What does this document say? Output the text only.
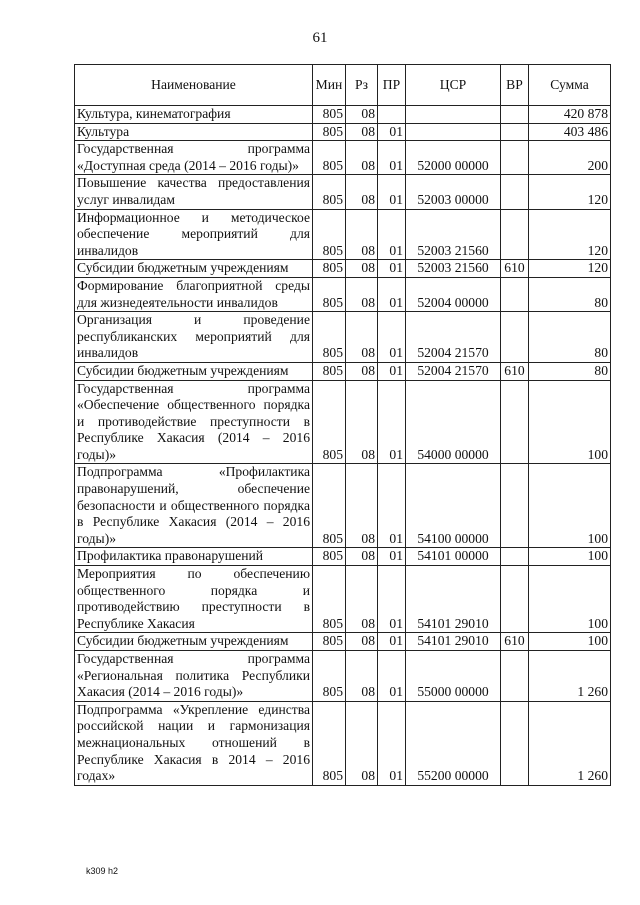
61
Наименование	Мин	Рз	ПР	ЦСР	ВР	Сумма
Культура, кинематография	805	08				420 878
Культура	805	08	01			403 486
Государственная программа «Доступная среда (2014 – 2016 годы)»	805	08	01	52000 00000		200
Повышение качества предоставления услуг инвалидам	805	08	01	52003 00000		120
Информационное и методическое обеспечение мероприятий для инвалидов	805	08	01	52003 21560		120
Субсидии бюджетным учреждениям	805	08	01	52003 21560	610	120
Формирование благоприятной среды для жизнедеятельности инвалидов	805	08	01	52004 00000		80
Организация и проведение республиканских мероприятий для инвалидов	805	08	01	52004 21570		80
Субсидии бюджетным учреждениям	805	08	01	52004 21570	610	80
Государственная программа «Обеспечение общественного порядка и противодействие преступности в Республике Хакасия (2014 – 2016 годы)»	805	08	01	54000 00000		100
Подпрограмма «Профилактика правонарушений, обеспечение безопасности и общественного порядка в Республике Хакасия (2014 – 2016 годы)»	805	08	01	54100 00000		100
Профилактика правонарушений	805	08	01	54101 00000		100
Мероприятия по обеспечению общественного порядка и противодействию преступности в Республике Хакасия	805	08	01	54101 29010		100
Субсидии бюджетным учреждениям	805	08	01	54101 29010	610	100
Государственная программа «Региональная политика Республики Хакасия (2014 – 2016 годы)»	805	08	01	55000 00000		1 260
Подпрограмма «Укрепление единства российской нации и гармонизация межнациональных отношений в Республике Хакасия в 2014 – 2016 годах»	805	08	01	55200 00000		1 260
k309 h2
